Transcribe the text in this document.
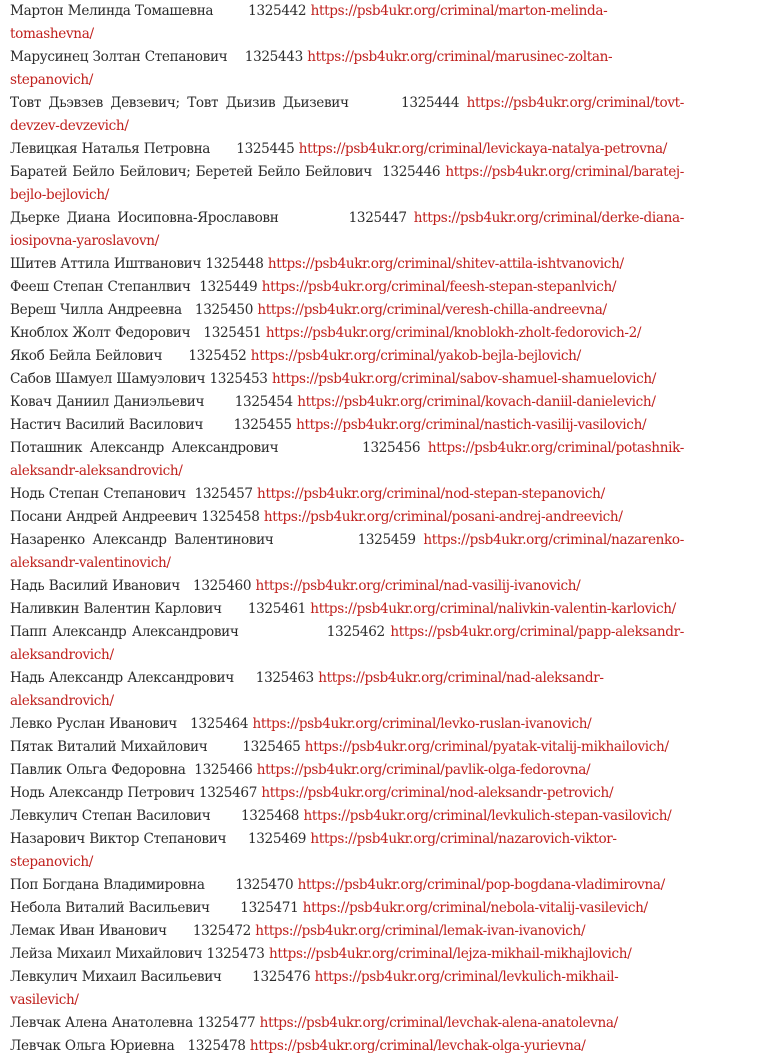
Мартон Мелинда Томашевна	1325442 https://psb4ukr.org/criminal/marton-melinda-tomashevna/

Марусинец Золтан Степанович 1325443 https://psb4ukr.org/criminal/marusinec-zoltan-stepanovich/

Товт Дьэвзев Девзевич; Товт Дьизив Дьизевич	1325444 https://psb4ukr.org/criminal/tovt-devzev-devzevich/

Левицкая Наталья Петровна 1325445 https://psb4ukr.org/criminal/levickaya-natalya-petrovna/

Баратей Бейло Бейлович; Беретей Бейло Бейлович 1325446 https://psb4ukr.org/criminal/baratej-bejlo-bejlovich/

Дьерке Диана Иосиповна-Ярославовн	1325447 https://psb4ukr.org/criminal/derke-diana-iosipovna-yaroslavovn/

Шитев Аттила Иштванович 1325448 https://psb4ukr.org/criminal/shitev-attila-ishtvanovich/

Фееш Степан Степанлвич 1325449 https://psb4ukr.org/criminal/feesh-stepan-stepanlvich/

Вереш Чилла Андреевна 1325450 https://psb4ukr.org/criminal/veresh-chilla-andreevna/

Кноблох Жолт Федорович 1325451 https://psb4ukr.org/criminal/knoblokh-zholt-fedorovich-2/

Якоб Бейла Бейлович 1325452 https://psb4ukr.org/criminal/yakob-bejla-bejlovich/

Сабов Шамуел Шамуэлович 1325453 https://psb4ukr.org/criminal/sabov-shamuel-shamuelovich/

Ковач Даниил Даниэльевич 1325454 https://psb4ukr.org/criminal/kovach-daniil-danielevich/

Настич Василий Василович 1325455 https://psb4ukr.org/criminal/nastich-vasilij-vasilovich/

Поташник Александр Александрович	1325456 https://psb4ukr.org/criminal/potashnik-aleksandr-aleksandrovich/

Нодь Степан Степанович 1325457 https://psb4ukr.org/criminal/nod-stepan-stepanovich/

Посани Андрей Андреевич 1325458 https://psb4ukr.org/criminal/posani-andrej-andreevich/

Назаренко Александр Валентинович	1325459 https://psb4ukr.org/criminal/nazarenko-aleksandr-valentinovich/

Надь Василий Иванович 1325460 https://psb4ukr.org/criminal/nad-vasilij-ivanovich/

Наливкин Валентин Карлович 1325461 https://psb4ukr.org/criminal/nalivkin-valentin-karlovich/

Папп Александр Александрович	1325462 https://psb4ukr.org/criminal/papp-aleksandr-aleksandrovich/

Надь Александр Александрович 1325463 https://psb4ukr.org/criminal/nad-aleksandr-aleksandrovich/

Левко Руслан Иванович 1325464 https://psb4ukr.org/criminal/levko-ruslan-ivanovich/

Пятак Виталий Михайлович	1325465 https://psb4ukr.org/criminal/pyatak-vitalij-mikhailovich/

Павлик Ольга Федоровна 1325466 https://psb4ukr.org/criminal/pavlik-olga-fedorovna/

Нодь Александр Петрович 1325467 https://psb4ukr.org/criminal/nod-aleksandr-petrovich/

Левкулич Степан Василович 1325468 https://psb4ukr.org/criminal/levkulich-stepan-vasilovich/

Назарович Виктор Степанович 1325469 https://psb4ukr.org/criminal/nazarovich-viktor-stepanovich/

Поп Богдана Владимировна 1325470 https://psb4ukr.org/criminal/pop-bogdana-vladimirovna/

Небола Виталий Васильевич 1325471 https://psb4ukr.org/criminal/nebola-vitalij-vasilevich/

Лемак Иван Иванович 1325472 https://psb4ukr.org/criminal/lemak-ivan-ivanovich/

Лейза Михаил Михайлович 1325473 https://psb4ukr.org/criminal/lejza-mikhail-mikhajlovich/

Левкулич Михаил Васильевич 1325476 https://psb4ukr.org/criminal/levkulich-mikhail-vasilevich/

Левчак Алена Анатолевна 1325477 https://psb4ukr.org/criminal/levchak-alena-anatolevna/

Левчак Ольга Юриевна 1325478 https://psb4ukr.org/criminal/levchak-olga-yurievna/
